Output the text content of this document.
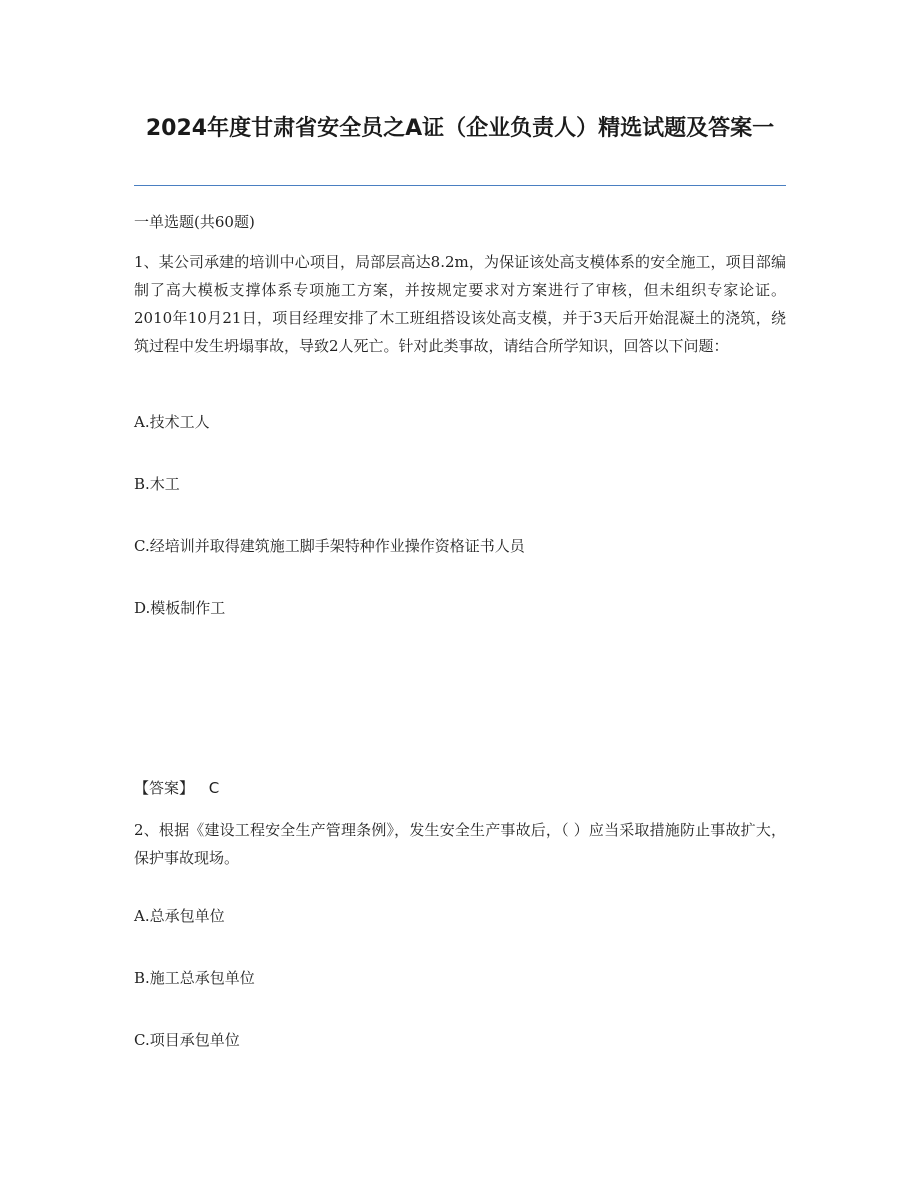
2024年度甘肃省安全员之A证（企业负责人）精选试题及答案一
一单选题(共60题)
1、某公司承建的培训中心项目，局部层高达8.2m，为保证该处高支模体系的安全施工，项目部编制了高大模板支撑体系专项施工方案，并按规定要求对方案进行了审核，但未组织专家论证。2010年10月21日，项目经理安排了木工班组搭设该处高支模，并于3天后开始混凝土的浇筑，绕筑过程中发生坍塌事故，导致2人死亡。针对此类事故，请结合所学知识，回答以下问题：
A.技术工人
B.木工
C.经培训并取得建筑施工脚手架特种作业操作资格证书人员
D.模板制作工
【答案】 C
2、根据《建设工程安全生产管理条例》，发生安全生产事故后，（ ）应当采取措施防止事故扩大，保护事故现场。
A.总承包单位
B.施工总承包单位
C.项目承包单位
